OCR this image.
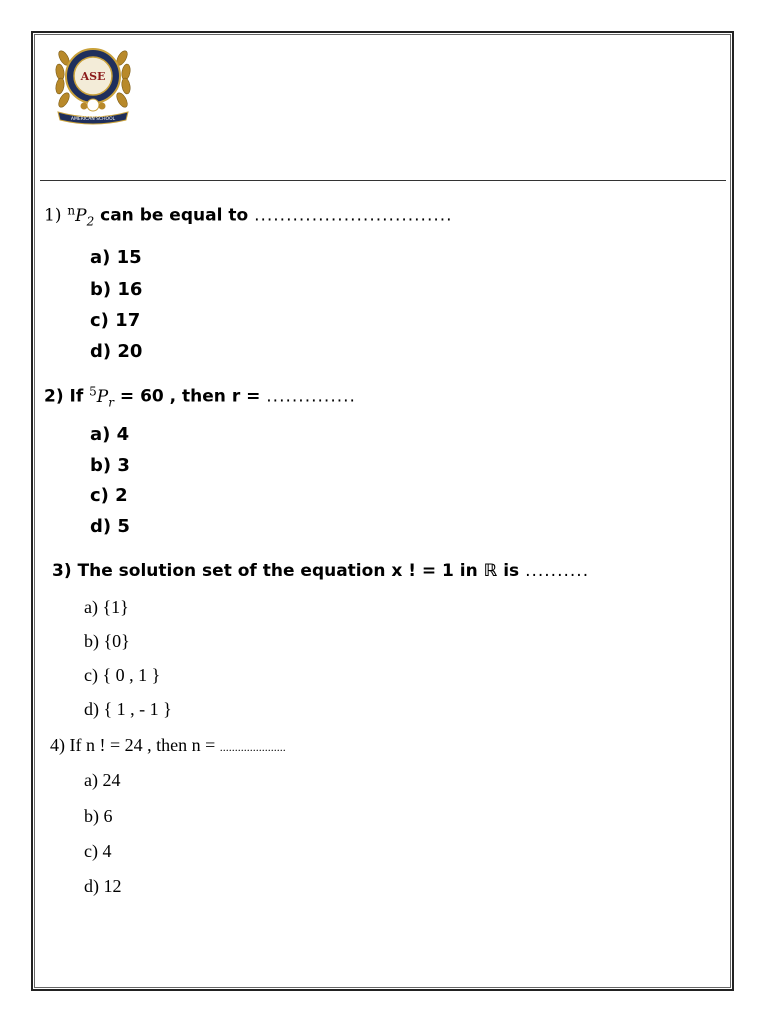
ASE
AMERICAN SCHOOL
1) $^nP_2$ can be equal to ...............................
a) 15
b) 16
c) 17
d) 20
2) If $^5P_r = 60$ , then r = ..............
a) 4
b) 3
c) 2
d) 5
3) The solution set of the equation x ! = 1 in ℝ is ..........
a) {1}
b) {0}
c) { 0 , 1 }
d) { 1 , - 1 }
4) If n ! = 24 , then n = ......................
a) 24
b) 6
c) 4
d) 12
